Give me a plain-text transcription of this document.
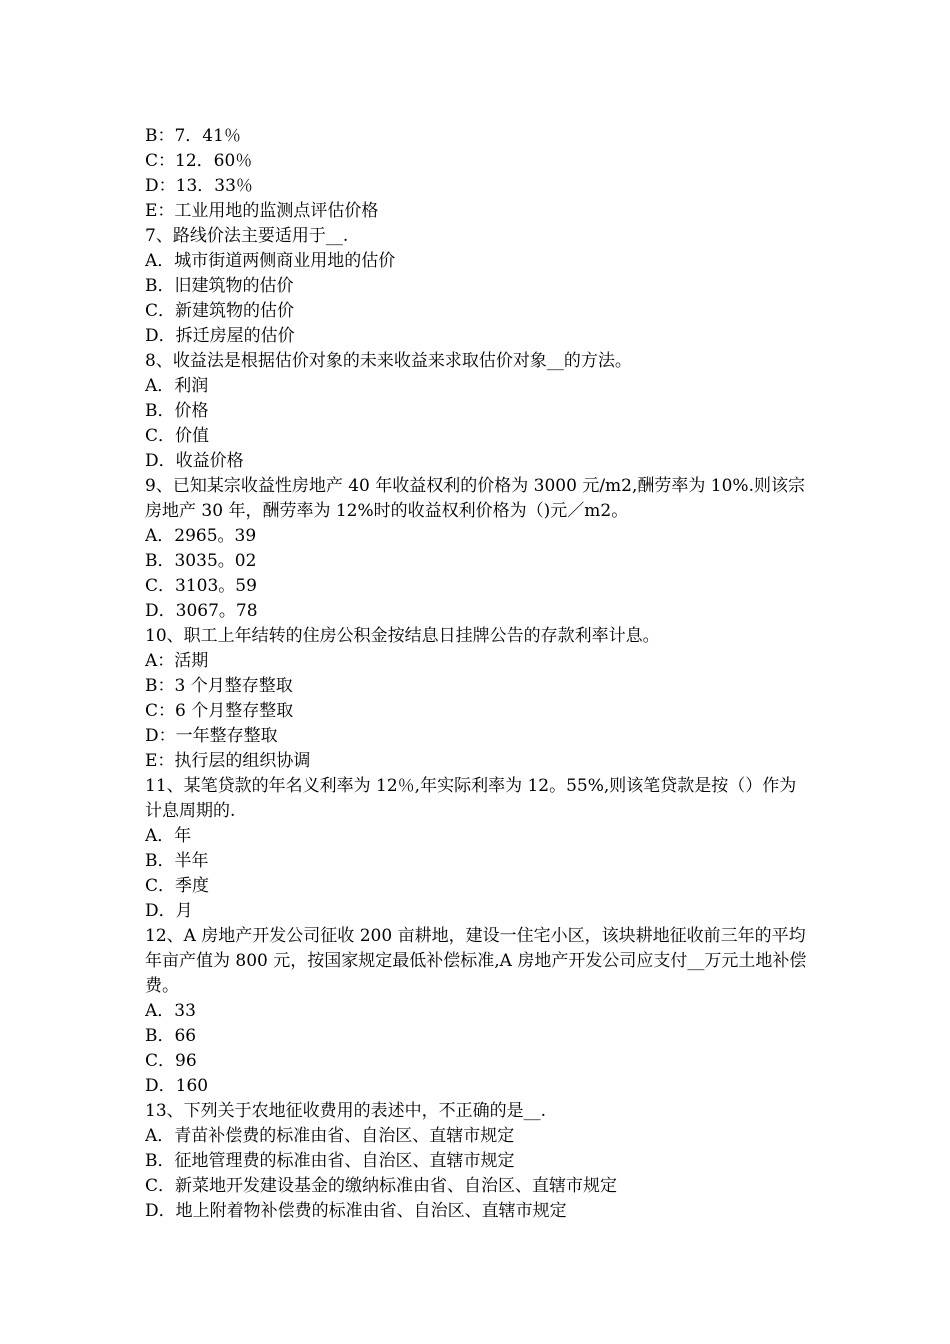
B：7．41％
C：12．60％
D：13．33％
E：工业用地的监测点评估价格
7、路线价法主要适用于__.
A．城市街道两侧商业用地的估价
B．旧建筑物的估价
C．新建筑物的估价
D．拆迁房屋的估价
8、收益法是根据估价对象的未来收益来求取估价对象__的方法。
A．利润
B．价格
C．价值
D．收益价格
9、已知某宗收益性房地产 40 年收益权利的价格为 3000 元/m2,酬劳率为 10%.则该宗房地产 30 年，酬劳率为 12%时的收益权利价格为（)元／m2。
A．2965。39
B．3035。02
C．3103。59
D．3067。78
10、职工上年结转的住房公积金按结息日挂牌公告的存款利率计息。
A：活期
B：3 个月整存整取
C：6 个月整存整取
D：一年整存整取
E：执行层的组织协调
11、某笔贷款的年名义利率为 12％,年实际利率为 12。55%,则该笔贷款是按（）作为计息周期的.
A．年
B．半年
C．季度
D．月
12、A 房地产开发公司征收 200 亩耕地，建设一住宅小区，该块耕地征收前三年的平均年亩产值为 800 元，按国家规定最低补偿标准,A 房地产开发公司应支付__万元土地补偿费。
A．33
B．66
C．96
D．160
13、下列关于农地征收费用的表述中，不正确的是__.
A．青苗补偿费的标准由省、自治区、直辖市规定
B．征地管理费的标准由省、自治区、直辖市规定
C．新菜地开发建设基金的缴纳标准由省、自治区、直辖市规定
D．地上附着物补偿费的标准由省、自治区、直辖市规定
